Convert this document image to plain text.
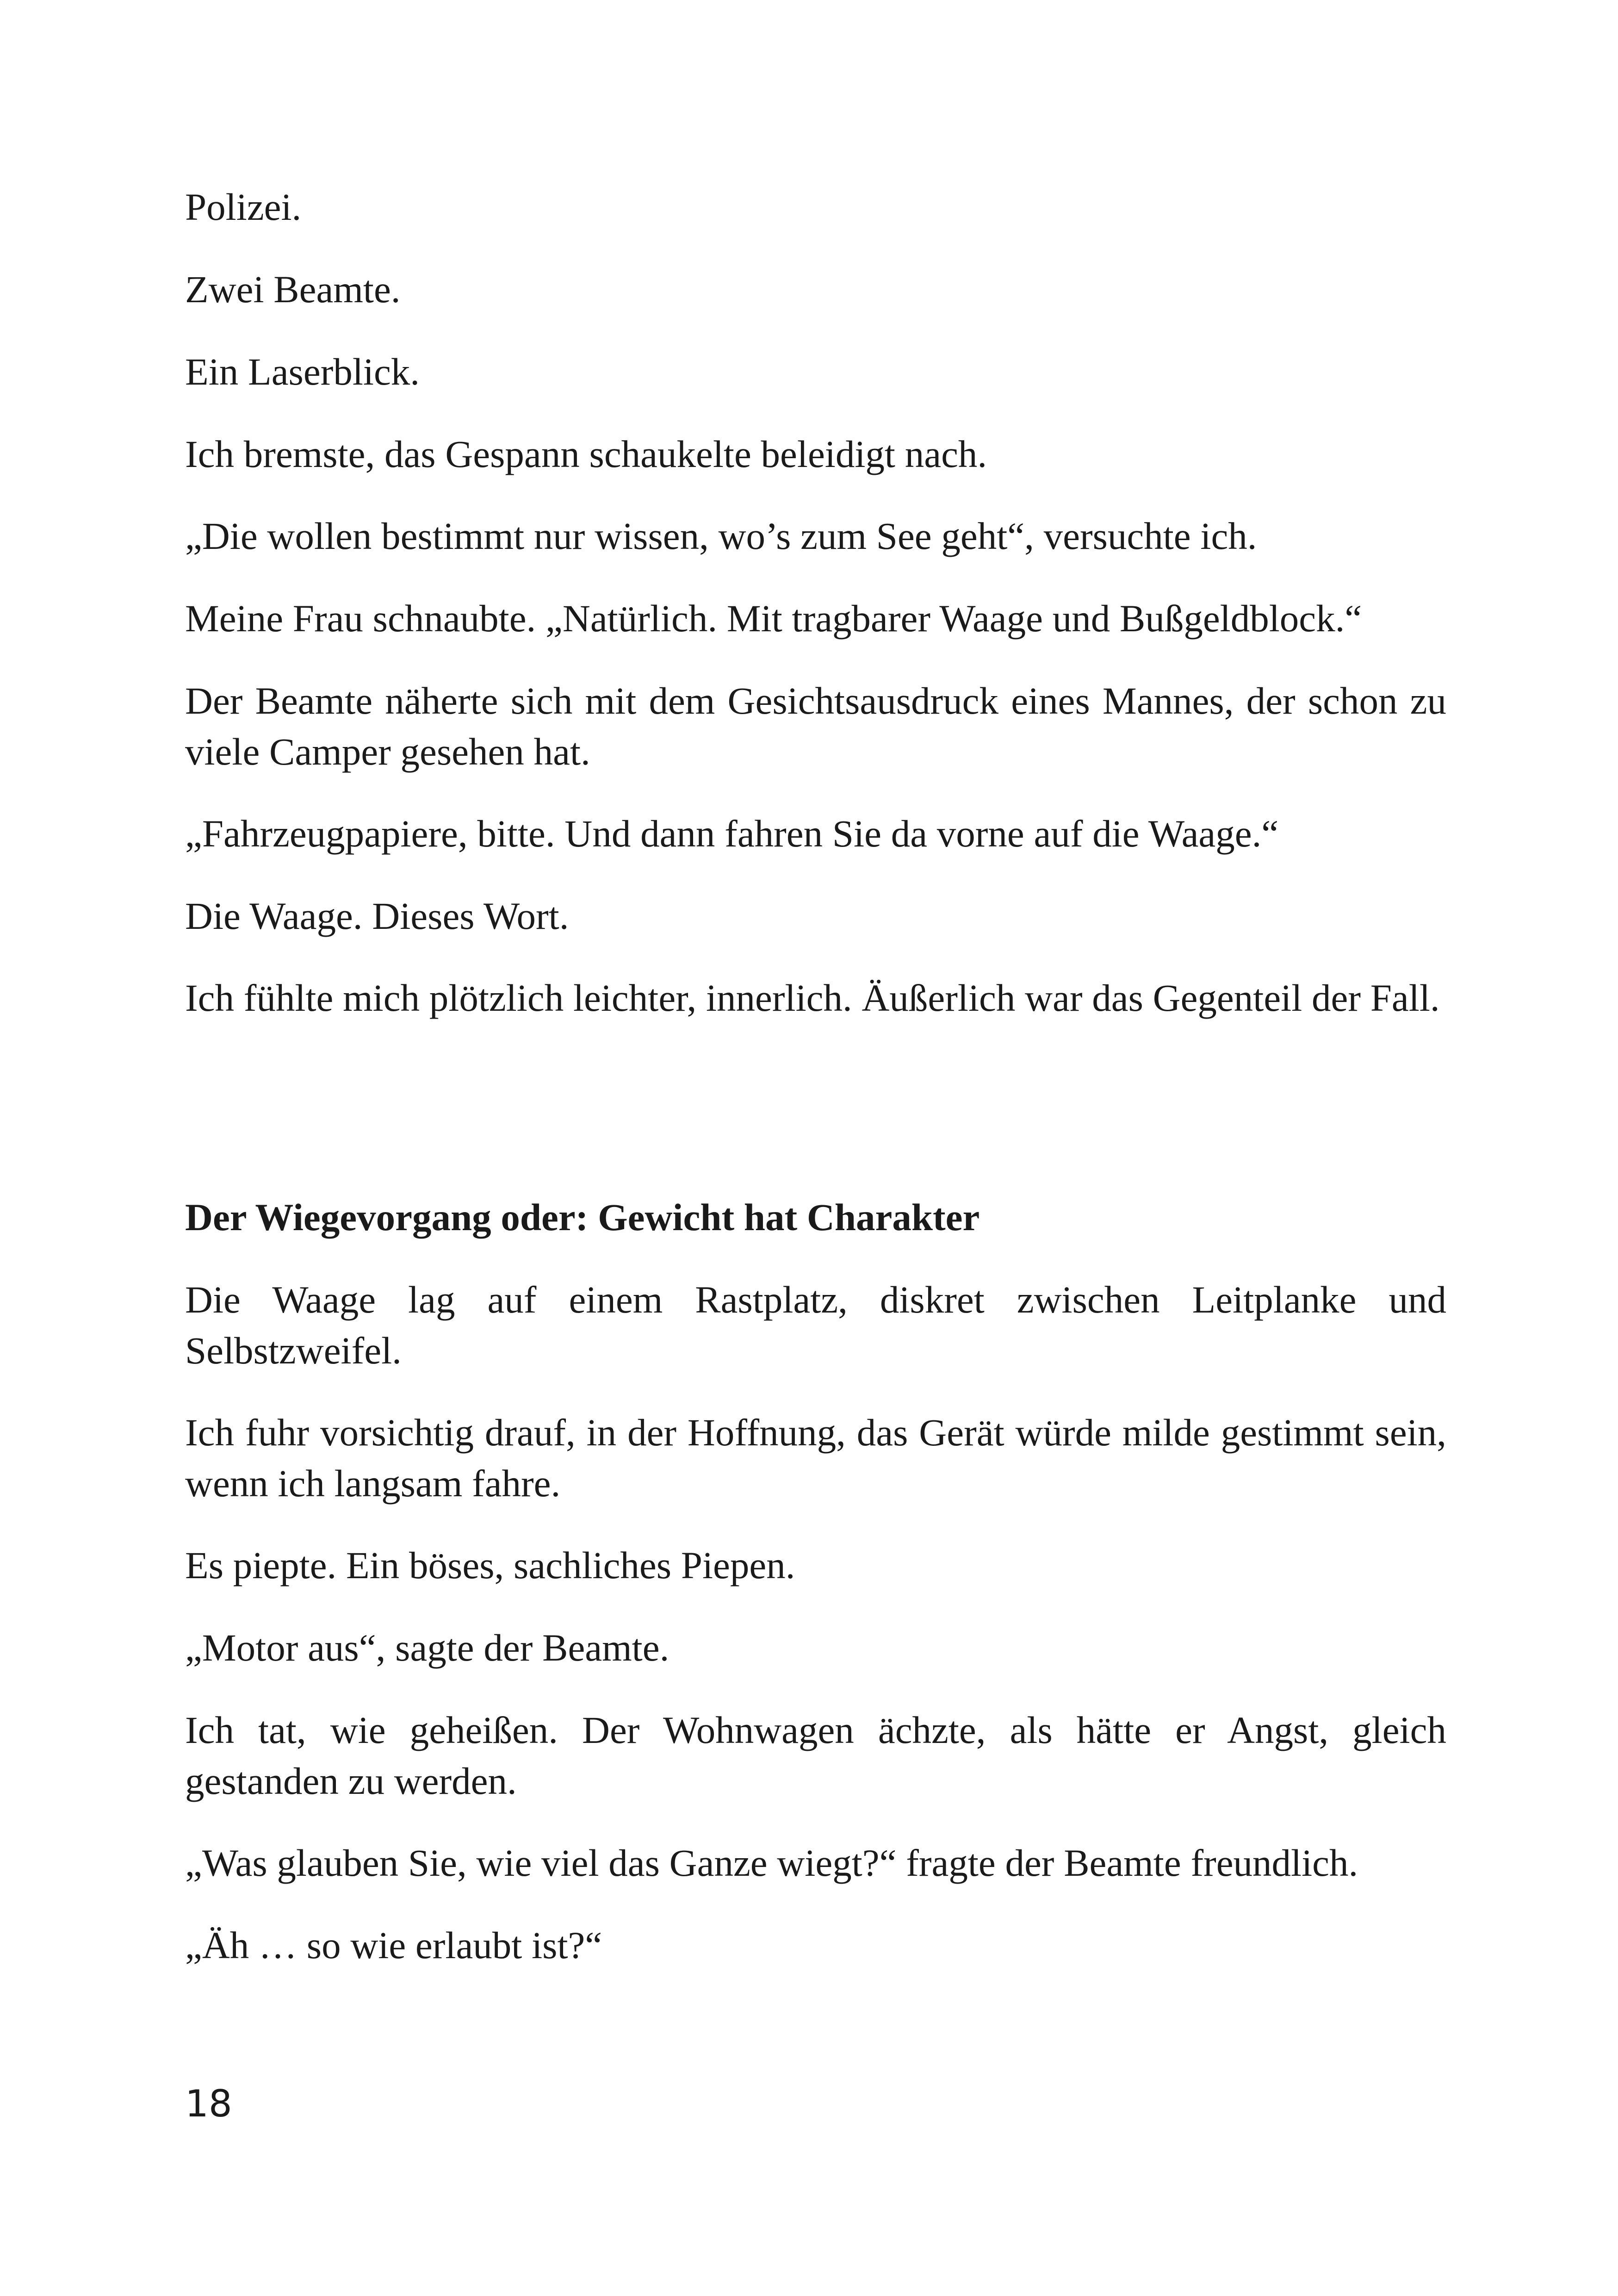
Polizei.

Zwei Beamte.

Ein Laserblick.

Ich bremste, das Gespann schaukelte beleidigt nach.

„Die wollen bestimmt nur wissen, wo’s zum See geht“, versuchte ich.

Meine Frau schnaubte. „Natürlich. Mit tragbarer Waage und Bußgeldblock.“

Der Beamte näherte sich mit dem Gesichtsausdruck eines Mannes, der schon zu viele Camper gesehen hat.

„Fahrzeugpapiere, bitte. Und dann fahren Sie da vorne auf die Waage.“

Die Waage. Dieses Wort.

Ich fühlte mich plötzlich leichter, innerlich. Äußerlich war das Gegenteil der Fall.

Der Wiegevorgang oder: Gewicht hat Charakter

Die Waage lag auf einem Rastplatz, diskret zwischen Leitplanke und Selbstzweifel.

Ich fuhr vorsichtig drauf, in der Hoffnung, das Gerät würde milde gestimmt sein, wenn ich langsam fahre.

Es piepte. Ein böses, sachliches Piepen.

„Motor aus“, sagte der Beamte.

Ich tat, wie geheißen. Der Wohnwagen ächzte, als hätte er Angst, gleich gestanden zu werden.

„Was glauben Sie, wie viel das Ganze wiegt?“ fragte der Beamte freundlich.

„Äh … so wie erlaubt ist?“

18
